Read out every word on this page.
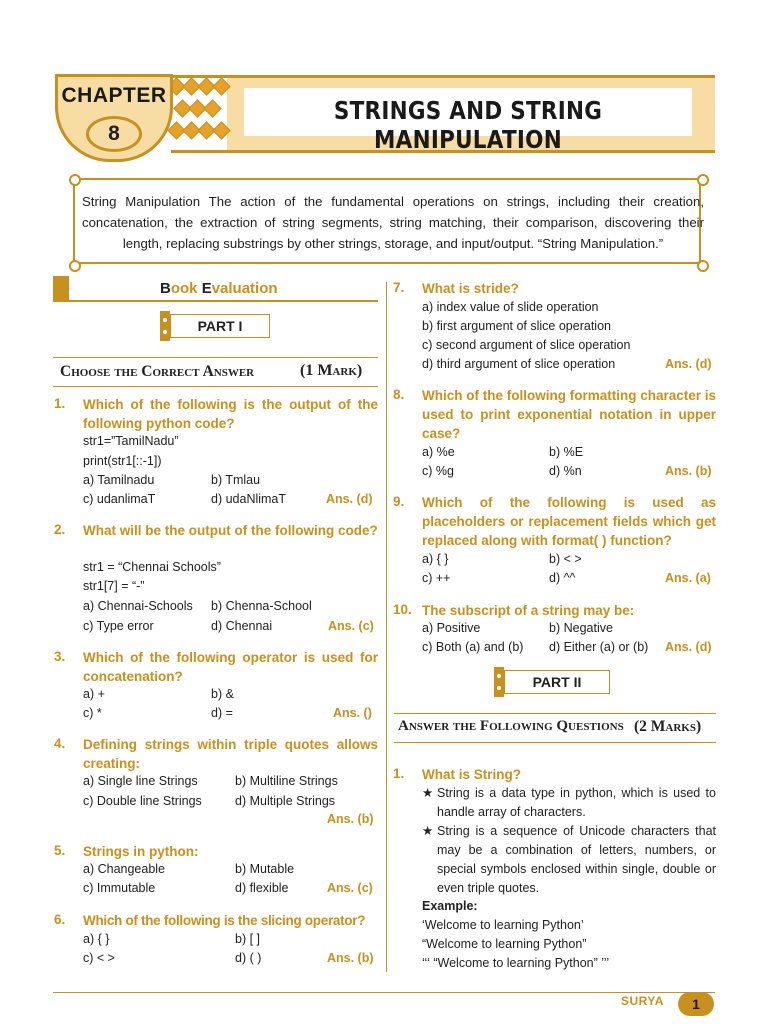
STRINGS AND STRING MANIPULATION
CHAPTER
8
String Manipulation The action of the fundamental operations on strings, including their creation, concatenation, the extraction of string segments, string matching, their comparison, discovering their length, replacing substrings by other strings, storage, and input/output. “String Manipulation.”
Book Evaluation
PART I
Choose the Correct Answer	(1 Mark)
1. Which of the following is the output of the following python code?
str1=”TamilNadu”
print(str1[::-1])
a) Tamilnadu	b) Tmlau
c) udanlimaT	d) udaNlimaT	Ans. (d)
2. What will be the output of the following code?
str1 = “Chennai Schools”
str1[7] = “-”
a) Chennai-Schools b) Chenna-School
c) Type error	d) Chennai	Ans. (c)
3. Which of the following operator is used for concatenation?
a) +	b) &
c) *	d) =	Ans. ()
4. Defining strings within triple quotes allows creating:
a) Single line Strings	b) Multiline Strings
c) Double line Strings	d) Multiple Strings
Ans. (b)
5. Strings in python:
a) Changeable	b) Mutable
c) Immutable	d) flexible	Ans. (c)
6. Which of the following is the slicing operator?
a) { }	b) [ ]
c) < >	d) ( )	Ans. (b)
7. What is stride?
a) index value of slide operation
b) first argument of slice operation
c) second argument of slice operation
d) third argument of slice operation	Ans. (d)
8. Which of the following formatting character is used to print exponential notation in upper case?
a) %e	b) %E
c) %g	d) %n	Ans. (b)
9. Which of the following is used as placeholders or replacement fields which get replaced along with format( ) function?
a) { }	b) < >
c) ++	d) ^^	Ans. (a)
10. The subscript of a string may be:
a) Positive	b) Negative
c) Both (a) and (b) d) Either (a) or (b) Ans. (d)
PART II
Answer the Following Questions (2 Marks)
1. What is String?
★ String is a data type in python, which is used to handle array of characters.
★ String is a sequence of Unicode characters that may be a combination of letters, numbers, or special symbols enclosed within single, double or even triple quotes.
Example:
‘Welcome to learning Python’
“Welcome to learning Python”
‘‘‘ “Welcome to learning Python” ’’’
SURYA	1
